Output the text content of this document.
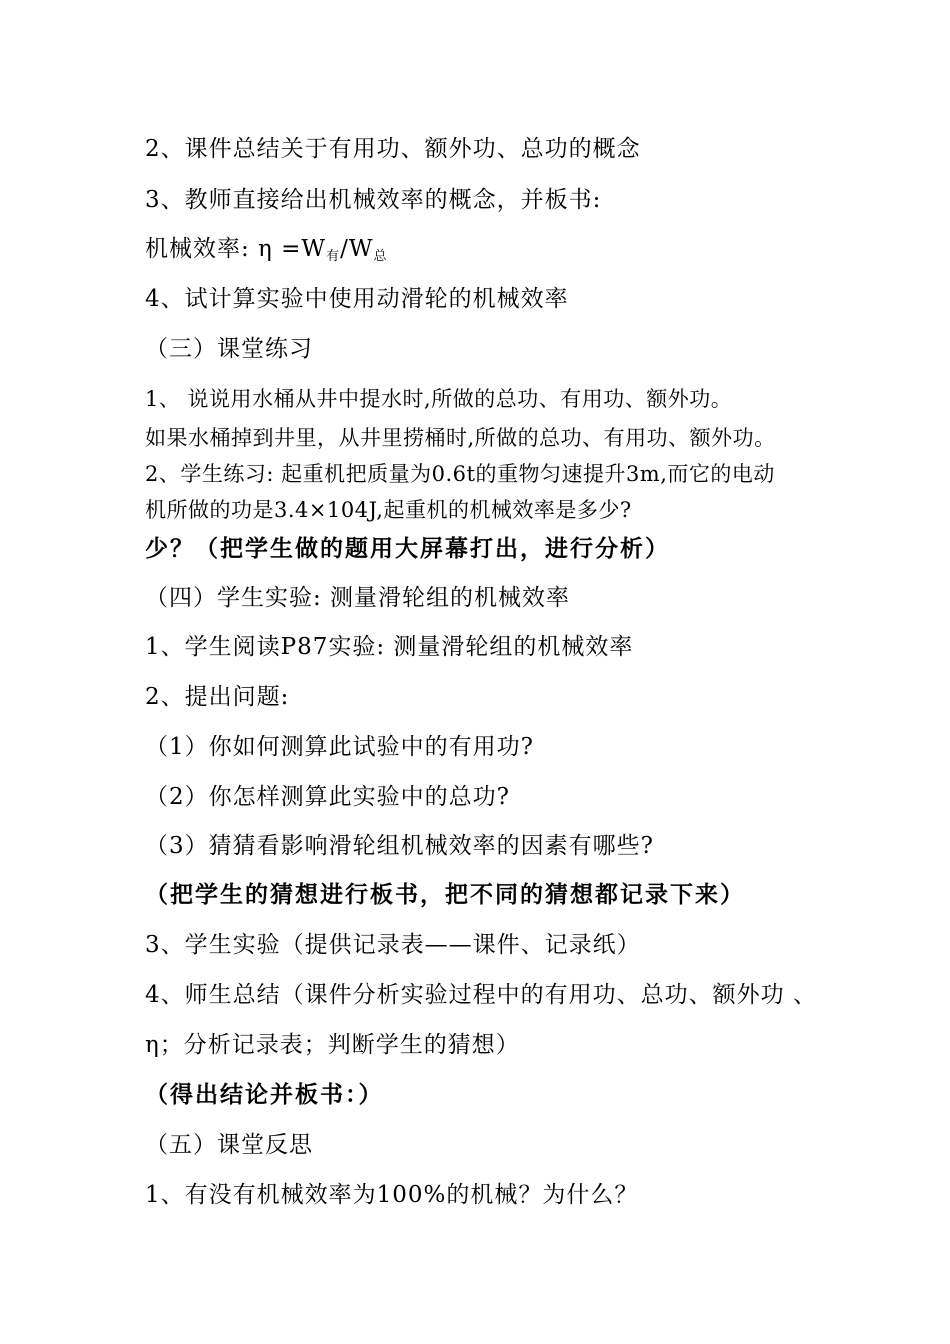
2、课件总结关于有用功、额外功、总功的概念
3、教师直接给出机械效率的概念，并板书:
机械效率: $\eta =W_有/W_总$
4、试计算实验中使用动滑轮的机械效率
（三）课堂练习
1、 说说用水桶从井中提水时,所做的总功、有用功、额外功。
如果水桶掉到井里，从井里捞桶时,所做的总功、有用功、额外功。
2、学生练习: 起重机把质量为0.6t的重物匀速提升3m,而它的电动
机所做的功是3.4×104J,起重机的机械效率是多少?
少？（把学生做的题用大屏幕打出，进行分析）
（四）学生实验: 测量滑轮组的机械效率
1、学生阅读P87实验: 测量滑轮组的机械效率
2、提出问题:
（1）你如何测算此试验中的有用功?
（2）你怎样测算此实验中的总功?
（3）猜猜看影响滑轮组机械效率的因素有哪些?
（把学生的猜想进行板书，把不同的猜想都记录下来）
3、学生实验（提供记录表——课件、记录纸）
4、师生总结（课件分析实验过程中的有用功、总功、额外功 、
η；分析记录表；判断学生的猜想）
（得出结论并板书：）
（五）课堂反思
1、有没有机械效率为100%的机械？为什么？
